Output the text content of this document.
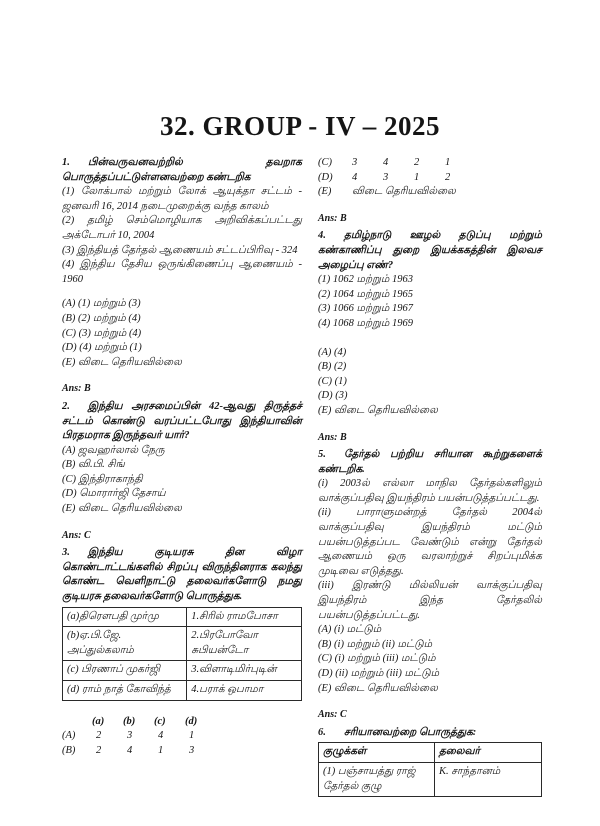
32. GROUP - IV – 2025

1. பின்வருவனவற்றில் தவறாக பொருத்தப்பட்டுள்ளனவற்றை கண்டறிக

(1) லோக்பால் மற்றும் லோக் ஆயுக்தா சட்டம் - ஜனவரி 16, 2014 நடைமுறைக்கு வந்த காலம்

(2) தமிழ் செம்மொழியாக அறிவிக்கப்பட்டது அக்டோபர் 10, 2004

(3) இந்தியத் தேர்தல் ஆணையம் சட்டப்பிரிவு - 324

(4) இந்திய தேசிய ஒருங்கிணைப்பு ஆணையம் - 1960

(A) (1) மற்றும் (3)

(B) (2) மற்றும் (4)

(C) (3) மற்றும் (4)

(D) (4) மற்றும் (1)

(E) விடை தெரியவில்லை

Ans: B

2. இந்திய அரசமைப்பின் 42-ஆவது திருத்தச் சட்டம் கொண்டு வரப்பட்டபோது இந்தியாவின் பிரதமராக இருந்தவர் யார்?

(A) ஜவஹர்லால் நேரு

(B) வி.பி. சிங்

(C) இந்திராகாந்தி

(D) மொரார்ஜி தேசாய்

(E) விடை தெரியவில்லை

Ans: C

3. இந்திய குடியரசு தின விழா கொண்டாட்டங்களில் சிறப்பு விருந்தினராக கலந்து கொண்ட வெளிநாட்டு தலைவர்களோடு நமது குடியரசு தலைவர்களோடு பொருத்துக.

(a)திரௌபதி முர்மு	1.சிரில் ராமபோசா
(b)ஏ.பி.ஜே. அப்துல்கலாம்	2.பிரபோவோ சுபியன்டோ
(c) பிரணாப் முகர்ஜி	3.விளாடிமிர்புடின்
(d) ராம் நாத் கோவிந்த்	4.பராக் ஒபாமா
(a)	(b)	(c)	(d)
(A)	2	3	4	1
(B)	2	4	1	3
(C)	3	4	2	1
(D)	4	3	1	2
(E)	விடை தெரியவில்லை

Ans: B

4. தமிழ்நாடு ஊழல் தடுப்பு மற்றும் கண்காணிப்பு துறை இயக்ககத்தின் இலவச அழைப்பு எண்?

(1) 1062 மற்றும் 1963

(2) 1064 மற்றும் 1965

(3) 1066 மற்றும் 1967

(4) 1068 மற்றும் 1969

(A) (4)

(B) (2)

(C) (1)

(D) (3)

(E) விடை தெரியவில்லை

Ans: B

5. தேர்தல் பற்றிய சரியான கூற்றுகளைக் கண்டறிக.

(i) 2003ல் எல்லா மாநில தேர்தல்களிலும் வாக்குப்பதிவு இயந்திரம் பயன்படுத்தப்பட்டது.

(ii) பாராளுமன்றத் தேர்தல் 2004ல் வாக்குப்பதிவு இயந்திரம் மட்டும் பயன்படுத்தப்பட வேண்டும் என்று தேர்தல் ஆணையம் ஒரு வரலாற்றுச் சிறப்புமிக்க முடிவை எடுத்தது.

(iii) இரண்டு மில்லியன் வாக்குப்பதிவு இயந்திரம் இந்த தேர்தலில் பயன்படுத்தப்பட்டது.

(A) (i) மட்டும்

(B) (i) மற்றும் (ii) மட்டும்

(C) (i) மற்றும் (iii) மட்டும்

(D) (ii) மற்றும் (iii) மட்டும்

(E) விடை தெரியவில்லை

Ans: C

6. சரியானவற்றை பொருத்துக:

குழுக்கள்	தலைவர்
(1) பஞ்சாயத்து ராஜ் தேர்தல் குழு	K. சாந்தானம்
